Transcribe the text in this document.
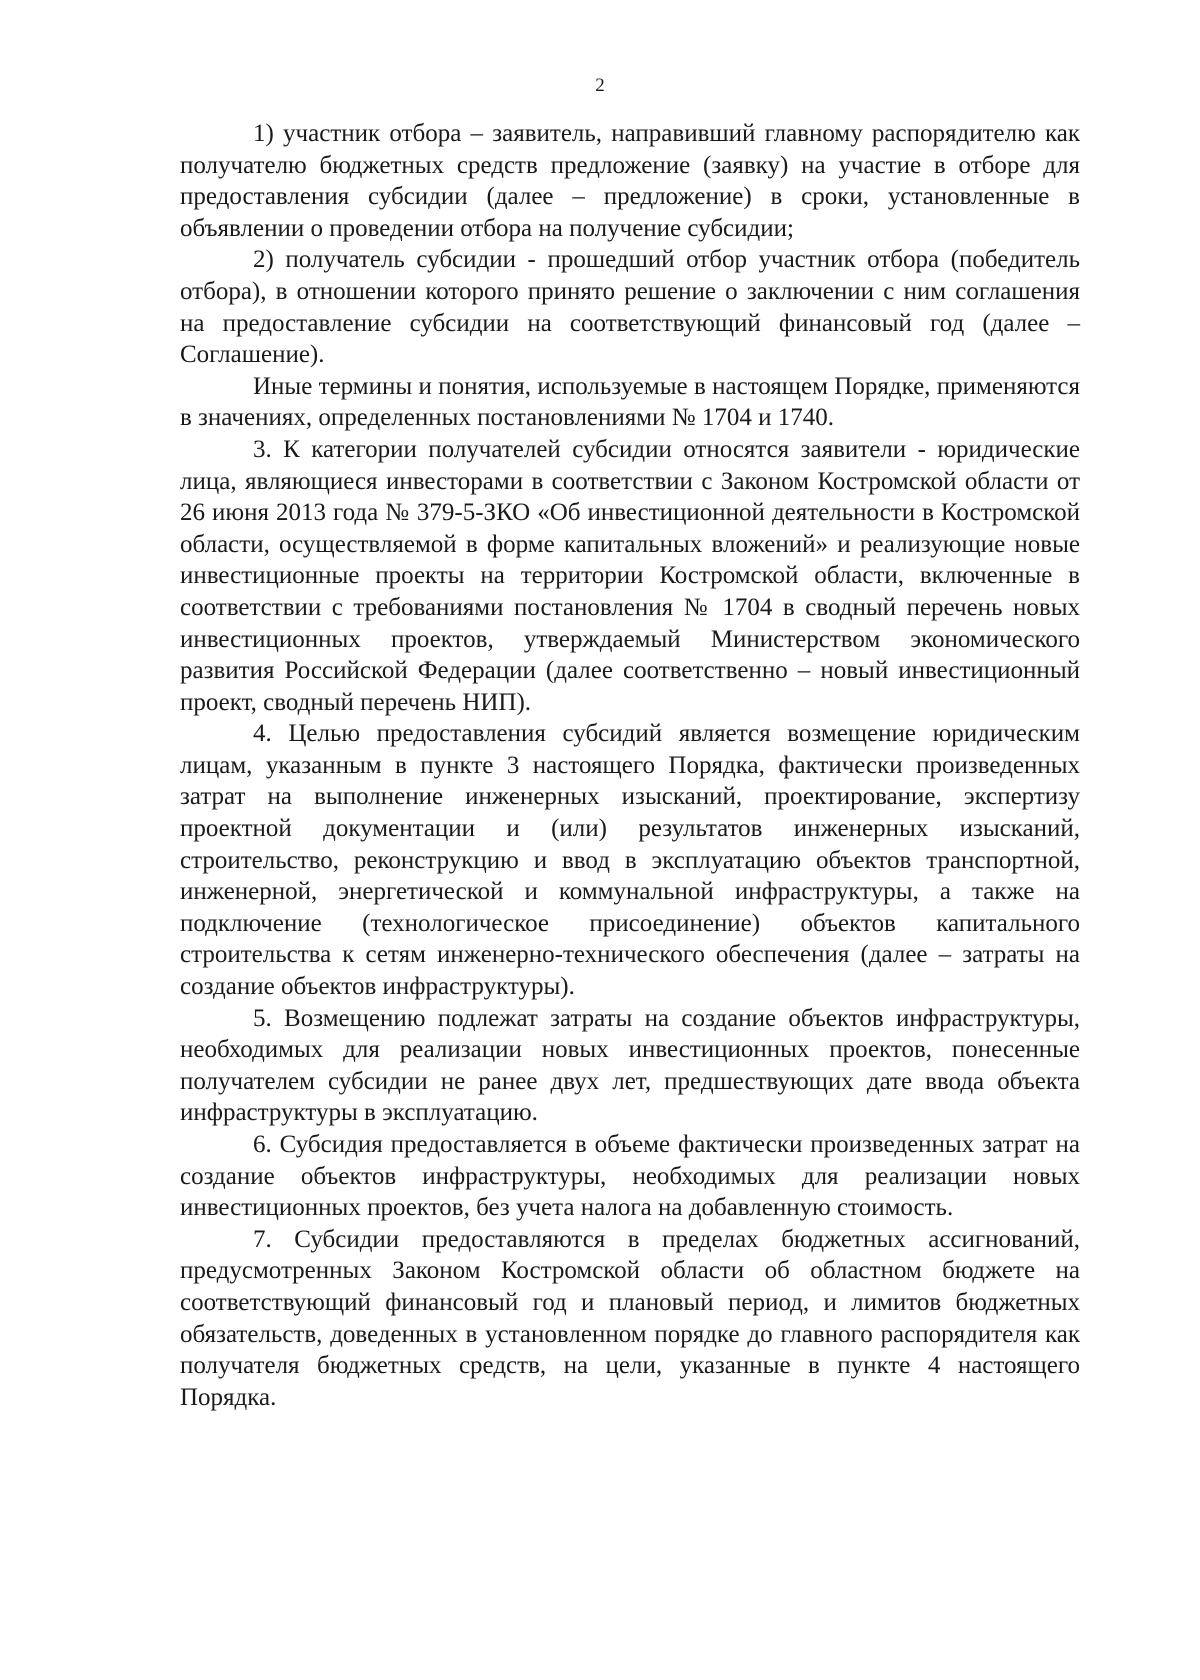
2

1) участник отбора – заявитель, направивший главному распорядителю как получателю бюджетных средств предложение (заявку) на участие в отборе для предоставления субсидии (далее – предложение) в сроки, установленные в объявлении о проведении отбора на получение субсидии;

2) получатель субсидии - прошедший отбор участник отбора (победитель отбора), в отношении которого принято решение о заключении с ним соглашения на предоставление субсидии на соответствующий финансовый год (далее – Соглашение).

Иные термины и понятия, используемые в настоящем Порядке, применяются в значениях, определенных постановлениями № 1704 и 1740.

3. К категории получателей субсидии относятся заявители - юридические лица, являющиеся инвесторами в соответствии с Законом Костромской области от 26 июня 2013 года № 379-5-ЗКО «Об инвестиционной деятельности в Костромской области, осуществляемой в форме капитальных вложений» и реализующие новые инвестиционные проекты на территории Костромской области, включенные в соответствии с требованиями постановления № 1704 в сводный перечень новых инвестиционных проектов, утверждаемый Министерством экономического развития Российской Федерации (далее соответственно – новый инвестиционный проект, сводный перечень НИП).

4. Целью предоставления субсидий является возмещение юридическим лицам, указанным в пункте 3 настоящего Порядка, фактически произведенных затрат на выполнение инженерных изысканий, проектирование, экспертизу проектной документации и (или) результатов инженерных изысканий, строительство, реконструкцию и ввод в эксплуатацию объектов транспортной, инженерной, энергетической и коммунальной инфраструктуры, а также на подключение (технологическое присоединение) объектов капитального строительства к сетям инженерно-технического обеспечения (далее – затраты на создание объектов инфраструктуры).

5. Возмещению подлежат затраты на создание объектов инфраструктуры, необходимых для реализации новых инвестиционных проектов, понесенные получателем субсидии не ранее двух лет, предшествующих дате ввода объекта инфраструктуры в эксплуатацию.

6. Субсидия предоставляется в объеме фактически произведенных затрат на создание объектов инфраструктуры, необходимых для реализации новых инвестиционных проектов, без учета налога на добавленную стоимость.

7. Субсидии предоставляются в пределах бюджетных ассигнований, предусмотренных Законом Костромской области об областном бюджете на соответствующий финансовый год и плановый период, и лимитов бюджетных обязательств, доведенных в установленном порядке до главного распорядителя как получателя бюджетных средств, на цели, указанные в пункте 4 настоящего Порядка.
